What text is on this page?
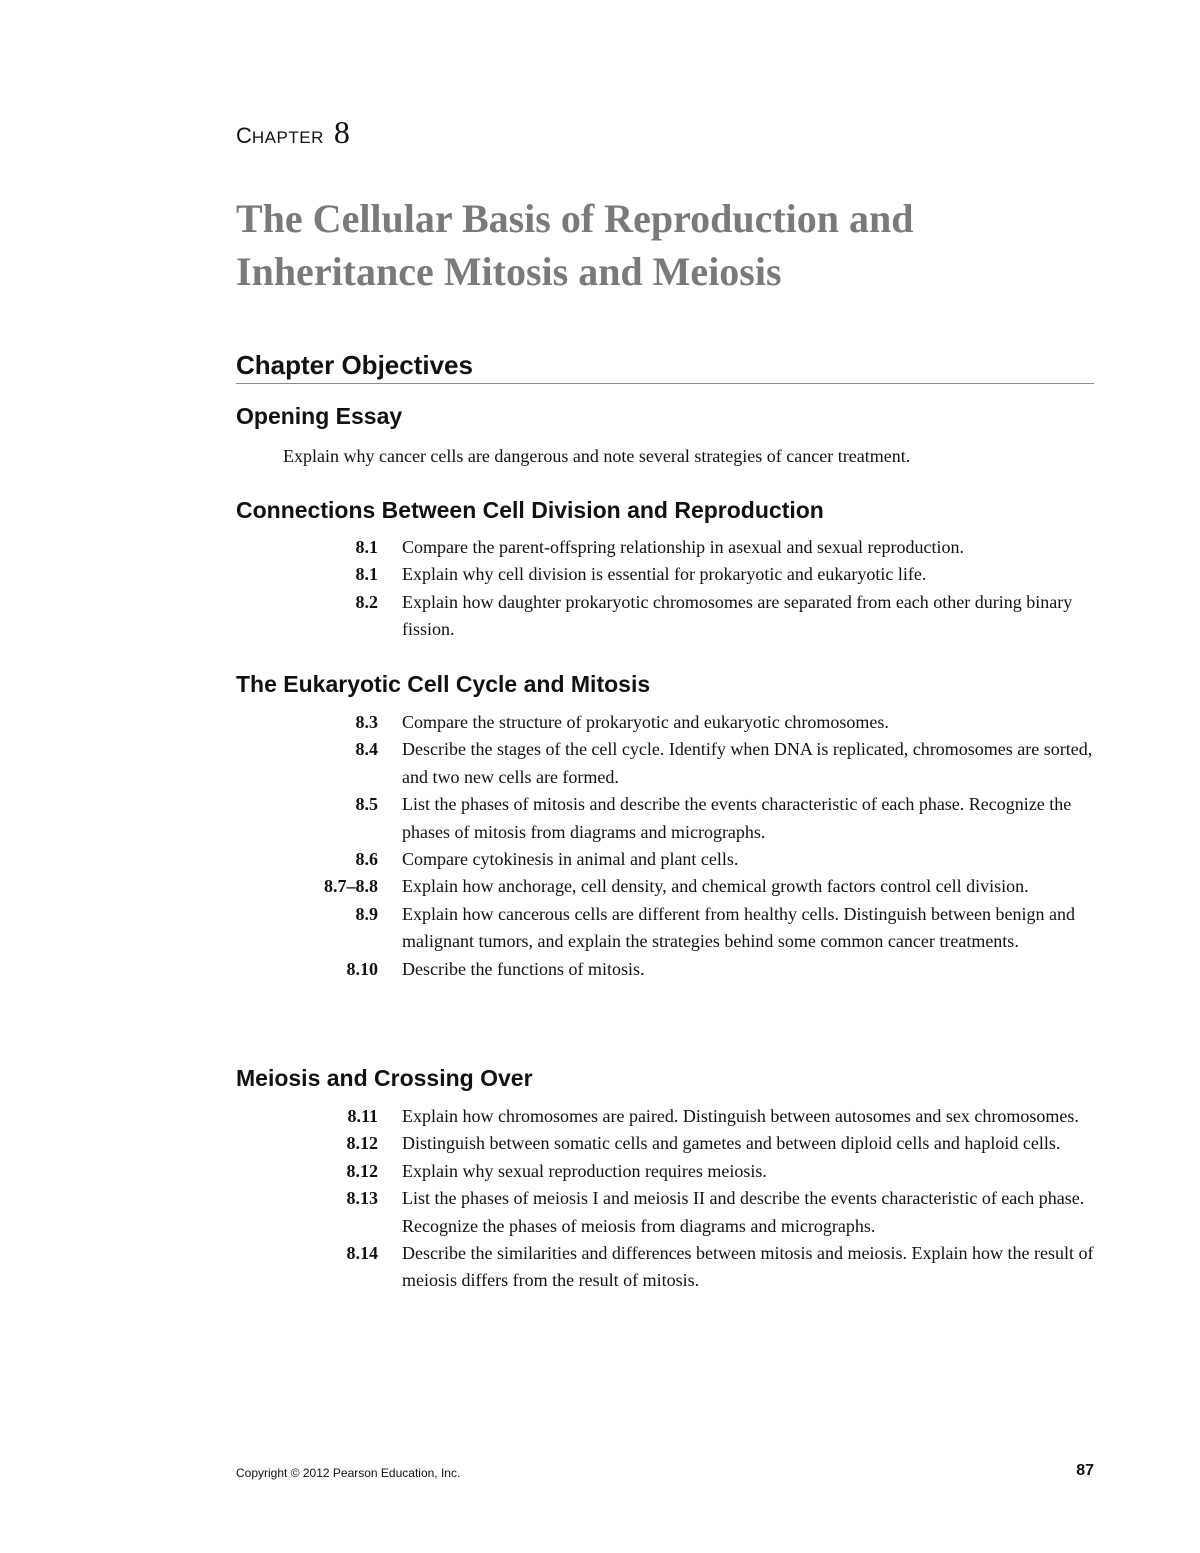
CHAPTER 8
The Cellular Basis of Reproduction and
Inheritance Mitosis and Meiosis
Chapter Objectives
Opening Essay
Explain why cancer cells are dangerous and note several strategies of cancer treatment.
Connections Between Cell Division and Reproduction
8.1 Compare the parent-offspring relationship in asexual and sexual reproduction.
8.1 Explain why cell division is essential for prokaryotic and eukaryotic life.
8.2 Explain how daughter prokaryotic chromosomes are separated from each other during binary fission.
The Eukaryotic Cell Cycle and Mitosis
8.3 Compare the structure of prokaryotic and eukaryotic chromosomes.
8.4 Describe the stages of the cell cycle. Identify when DNA is replicated, chromosomes are sorted, and two new cells are formed.
8.5 List the phases of mitosis and describe the events characteristic of each phase. Recognize the phases of mitosis from diagrams and micrographs.
8.6 Compare cytokinesis in animal and plant cells.
8.7–8.8 Explain how anchorage, cell density, and chemical growth factors control cell division.
8.9 Explain how cancerous cells are different from healthy cells. Distinguish between benign and malignant tumors, and explain the strategies behind some common cancer treatments.
8.10 Describe the functions of mitosis.
Meiosis and Crossing Over
8.11 Explain how chromosomes are paired. Distinguish between autosomes and sex chromosomes.
8.12 Distinguish between somatic cells and gametes and between diploid cells and haploid cells.
8.12 Explain why sexual reproduction requires meiosis.
8.13 List the phases of meiosis I and meiosis II and describe the events characteristic of each phase. Recognize the phases of meiosis from diagrams and micrographs.
8.14 Describe the similarities and differences between mitosis and meiosis. Explain how the result of meiosis differs from the result of mitosis.
Copyright © 2012 Pearson Education, Inc.	87
